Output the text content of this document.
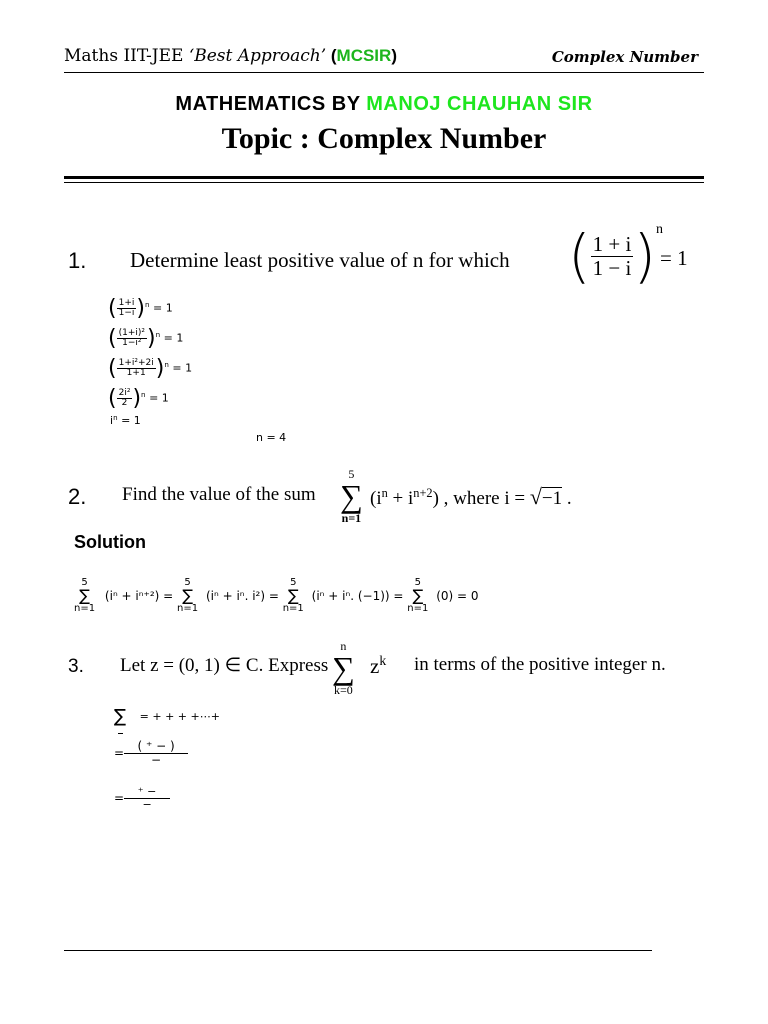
Maths IIT-JEE ‘Best Approach’ (MCSIR)	Complex Number
MATHEMATICS BY MANOJ CHAUHAN SIR
Topic : Complex Number
1. Determine least positive value of n for which ( $\frac{1 + i}{1 - i} )^n$
= 1
( $\frac{1+i}{1-i} )^n = 1$
( $\frac{\text{(1+i)²}}{\text{1−i²}} )^n = 1$
( $\frac{\text{1+i²+2i}}{1+1} )^n = 1$
( $\frac{\text{2i²}}{2} )^n = 1$
$i^n = 1$
n = 4
2. Find the value of the sum
5
∑
n=1
$(i^n + i^{n+2})$ , where i = √−1 .
Solution
5
∑
n=1
(iⁿ + iⁿ⁺²) =
5
∑
n=1
(iⁿ + iⁿ. i²) =
5
∑
n=1
(iⁿ + iⁿ. (−1)) =
5
∑
n=1
(0) = 0
3. Let z = (0, 1) ∈ C. Express
n
∑
k=0
$z^k$ in terms of the positive integer n.
∑ = + + + +⋯+
= $\frac{( ^+ - )}{-}$
= $\frac{^+ -}{-}$
